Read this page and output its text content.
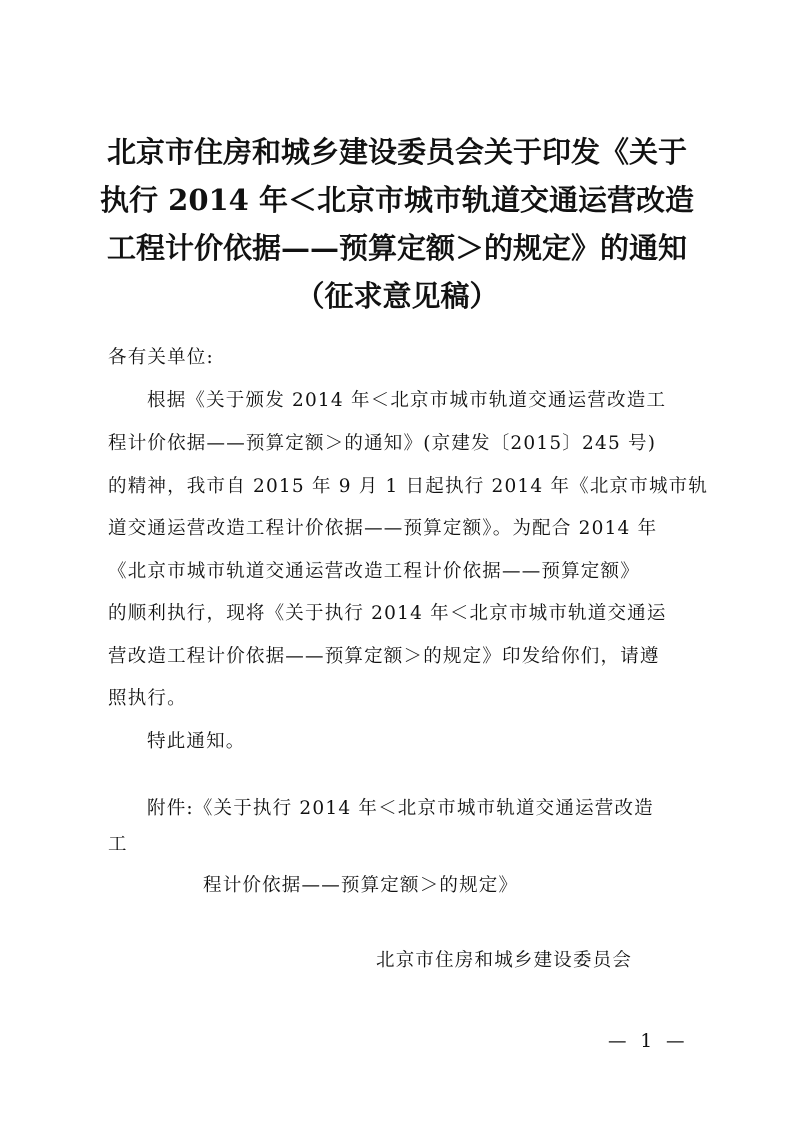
北京市住房和城乡建设委员会关于印发《关于
执行 2014 年＜北京市城市轨道交通运营改造
工程计价依据——预算定额＞的规定》的通知
（征求意见稿）
各有关单位:
根据《关于颁发 2014 年＜北京市城市轨道交通运营改造工
程计价依据——预算定额＞的通知》(京建发〔2015〕245 号)
的精神，我市自 2015 年 9 月 1 日起执行 2014 年《北京市城市轨
道交通运营改造工程计价依据——预算定额》。为配合 2014 年
《北京市城市轨道交通运营改造工程计价依据——预算定额》
的顺利执行，现将《关于执行 2014 年＜北京市城市轨道交通运
营改造工程计价依据——预算定额＞的规定》印发给你们，请遵
照执行。
特此通知。
附件:《关于执行 2014 年＜北京市城市轨道交通运营改造
工
程计价依据——预算定额＞的规定》
北京市住房和城乡建设委员会
— 1 —
